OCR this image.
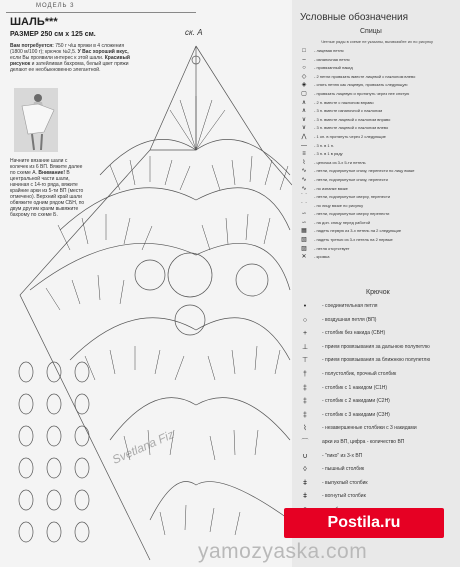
МОДЕЛЬ 3
ШАЛЬ***
РАЗМЕР 250 см х 125 см.
Вам потребуется: 750 г ч/ш пряжи в 4 сложения (1800 м/100 г); крючок №2,5. У Вас хороший вкус, если Вы проявили интерес к этой шали. Красивый рисунок и затейливая бахрома, белый цвет пряжи делают ее необыкновенно элегантной.
Начните вязание шали с колечек из 6 ВП. Вяжите далее по схеме А. Внимание! В центральной части шали, начиная с 14-го ряда, вяжите крайние арки из 5-ти ВП (место отмечено). Верхний край шали обвяжите одним рядом СБН, по двум другим краям вывяжите бахрому по схеме Б.
ск. А
Svetlana Fiz
Условные обозначения
Спицы
Четные ряды в схеме не указаны, вычвязяйте их по рисунку
□	- лицевая петля
–	- изнаночная петля
○	- провязанный накид
◇	- 2 петли провязать вместе лицевой с наклоном влево
◈	- снять петлю как лицевую, провязать следующую
▢	- провязать лицевую и протянуть через нее снятую
∧	- 2 п. вместе с наклоном вправо
∧	- 3 п. вместе изнаночной с наклоном
∨	- 3 п. вместе лицевой с наклоном вправо
∨	- 3 п. вместе лицевой с наклоном влево
⋀	- 1 оп. в протянуть через 2 следующие
—	- 3 п. в 1 п.
≡	- 3 п. в 1 в ряду
⌇	- цепочка из 3-х 5-ти петель
∿	- петли, подчеркнутые снизу, перенести по лицу вязке
∿	- петли, подчеркнутые снизу, перенести
∿	- по изнанке вязке
⌒	- петли, подчеркнутые сверху, перенести
⌒	- по лицу вязке по рисунку
∽	- петли, подчеркнутые сверху перенести
∽	- на доп. спицу перед работой
▦	- надеть первую из 3-х петель на 2 следующие
▧	- надеть третью из 3-х петель на 2 первые
▨	- петля отсутствует
✕	- кромка
Крючок
•	- соединительная петля
○	- воздушная петля (ВП)
+	- столбик без накида (СБН)
⊥	- прием провязывания за дальнюю полупетлю
⊤	- прием провязывания за ближнюю полупетлю
†	- полустолбик, прочный столбик
‡	- столбик с 1 накидом (С1Н)
‡	- столбик с 2 накидами (С2Н)
‡	- столбик с 3 накидами (С3Н)
⌇	- незавершенные столбики с 3 накидами
⌒	арки из ВП, цифра - количество ВП
∪	- "пико" из 3-х ВП
◊	- пышный столбик
ǂ	- выпуклый столбик
ǂ	- вогнутый столбик
yamozyaska.com
Postila.ru
